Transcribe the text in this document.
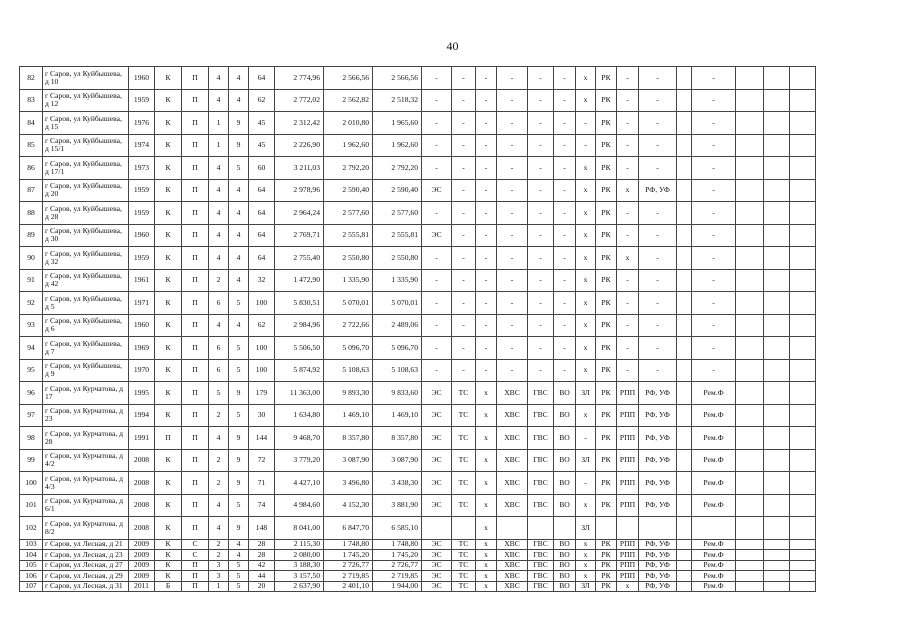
40
82	г Саров, ул Куйбышева, д 10	1960	К	П	4	4	64	2 774,96	2 566,56	2 566,56	-	-	-	-	-	-	x	РК	-	-		-			
83	г Саров, ул Куйбышева, д 12	1959	К	П	4	4	62	2 772,02	2 562,82	2 518,32	-	-	-	-	-	-	x	РК	-	-		-			
84	г Саров, ул Куйбышева, д 15	1976	К	П	1	9	45	2 312,42	2 010,80	1 965,60	-	-	-	-	-	-	-	РК	-	-		-			
85	г Саров, ул Куйбышева, д 15/1	1974	К	П	1	9	45	2 226,90	1 962,60	1 962,60	-	-	-	-	-	-	-	РК	-	-		-			
86	г Саров, ул Куйбышева, д 17/1	1973	К	П	4	5	60	3 211,03	2 792,20	2 792,20	-	-	-	-	-	-	x	РК	-	-		-			
87	г Саров, ул Куйбышева, д 20	1959	К	П	4	4	64	2 978,96	2 590,40	2 590,40	ЭС	-	-	-	-	-	x	РК	x	РФ, УФ		-			
88	г Саров, ул Куйбышева, д 28	1959	К	П	4	4	64	2 964,24	2 577,60	2 577,60	-	-	-	-	-	-	x	РК	-	-		-			
89	г Саров, ул Куйбышева, д 30	1960	К	П	4	4	64	2 769,71	2 555,81	2 555,81	ЭС	-	-	-	-	-	x	РК	-	-		-			
90	г Саров, ул Куйбышева, д 32	1959	К	П	4	4	64	2 755,40	2 550,80	2 550,80	-	-	-	-	-	-	x	РК	x	-		-			
91	г Саров, ул Куйбышева, д 42	1961	К	П	2	4	32	1 472,90	1 335,90	1 335,90	-	-	-	-	-	-	x	РК	-	-		-			
92	г Саров, ул Куйбышева, д 5	1971	К	П	6	5	100	5 830,51	5 070,01	5 070,01	-	-	-	-	-	-	x	РК	-	-		-			
93	г Саров, ул Куйбышева, д 6	1960	К	П	4	4	62	2 984,96	2 722,66	2 489,06	-	-	-	-	-	-	x	РК	-	-		-			
94	г Саров, ул Куйбышева, д 7	1969	К	П	6	5	100	5 506,50	5 096,70	5 096,70	-	-	-	-	-	-	x	РК	-	-		-			
95	г Саров, ул Куйбышева, д 9	1970	К	П	6	5	100	5 874,92	5 108,63	5 108,63	-	-	-	-	-	-	x	РК	-	-		-			
96	г Саров, ул Курчатова, д 17	1995	К	П	5	9	179	11 363,00	9 893,30	9 833,60	ЭС	ТС	x	ХВС	ГВС	ВО	ЗЛ	РК	РПП	РФ, УФ		Рем.Ф			
97	г Саров, ул Курчатова, д 23	1994	К	П	2	5	30	1 634,80	1 469,10	1 469,10	ЭС	ТС	x	ХВС	ГВС	ВО	x	РК	РПП	РФ, УФ		Рем.Ф			
98	г Саров, ул Курчатова, д 28	1991	П	П	4	9	144	9 468,70	8 357,80	8 357,80	ЭС	ТС	x	ХВС	ГВС	ВО	-	РК	РПП	РФ, УФ		Рем.Ф			
99	г Саров, ул Курчатова, д 4/2	2008	К	П	2	9	72	3 779,20	3 087,90	3 087,90	ЭС	ТС	x	ХВС	ГВС	ВО	ЗЛ	РК	РПП	РФ, УФ		Рем.Ф			
100	г Саров, ул Курчатова, д 4/3	2008	К	П	2	9	71	4 427,10	3 496,80	3 438,30	ЭС	ТС	x	ХВС	ГВС	ВО	-	РК	РПП	РФ, УФ		Рем.Ф			
101	г Саров, ул Курчатова, д 6/1	2008	К	П	4	5	74	4 984,60	4 152,30	3 881,90	ЭС	ТС	x	ХВС	ГВС	ВО	x	РК	РПП	РФ, УФ		Рем.Ф			
102	г Саров, ул Курчатова, д 8/2	2008	К	П	4	9	148	8 041,00	6 847,70	6 585,10			x				ЗЛ								
103	г Саров, ул Лесная, д 21	2009	К	С	2	4	28	2 115,30	1 748,80	1 748,80	ЭС	ТС	x	ХВС	ГВС	ВО	x	РК	РПП	РФ, УФ		Рем.Ф			
104	г Саров, ул Лесная, д 23	2009	К	С	2	4	28	2 080,00	1 745,20	1 745,20	ЭС	ТС	x	ХВС	ГВС	ВО	x	РК	РПП	РФ, УФ		Рем.Ф			
105	г Саров, ул Лесная, д 27	2009	К	П	3	5	42	3 188,30	2 726,77	2 726,77	ЭС	ТС	x	ХВС	ГВС	ВО	x	РК	РПП	РФ, УФ		Рем.Ф			
106	г Саров, ул Лесная, д 29	2009	К	П	3	5	44	3 157,50	2 719,85	2 719,85	ЭС	ТС	x	ХВС	ГВС	ВО	x	РК	РПП	РФ, УФ		Рем.Ф			
107	г Саров, ул Лесная, д 31	2011	Б	П	1	5	20	2 637,90	2 401,10	1 944,00	ЭС	ТС	x	ХВС	ГВС	ВО	ЗЛ	РК	x	РФ, УФ		Рем.Ф			
